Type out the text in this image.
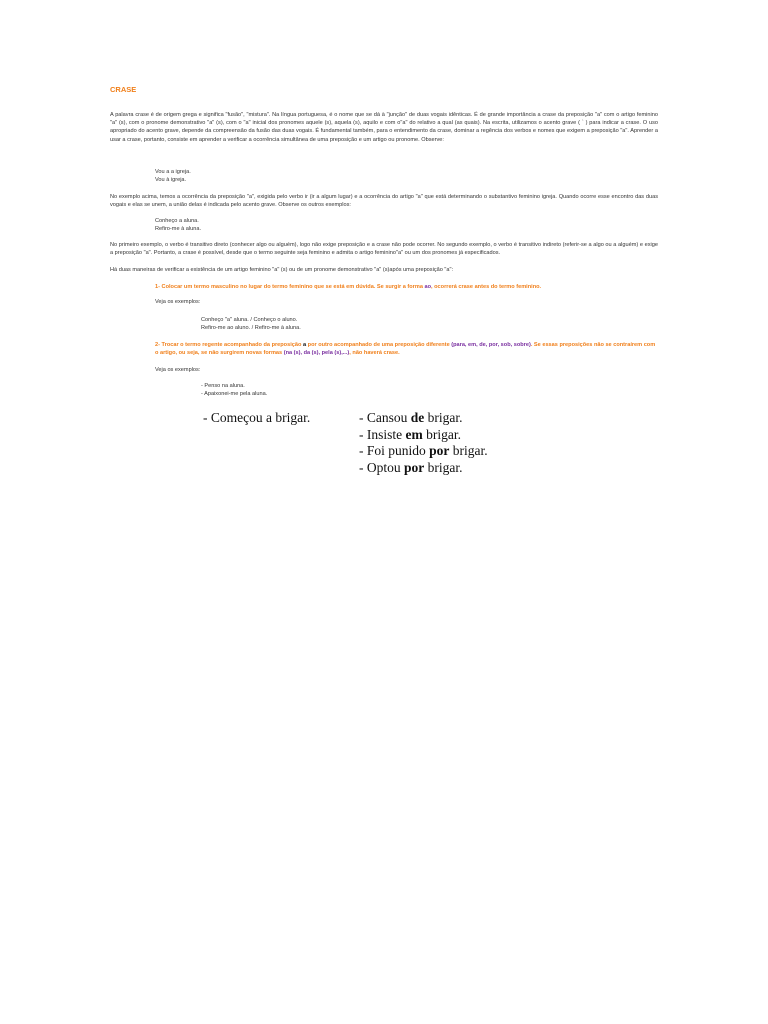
CRASE
A palavra crase é de origem grega e significa "fusão", "mistura". Na língua portuguesa, é o nome que se dá à "junção" de duas vogais idênticas. É de grande importância a crase da preposição "a" com o artigo feminino "a" (s), com o pronome demonstrativo "a" (s), com o "a" inicial dos pronomes aquele (s), aquela (s), aquilo e com o"a" do relativo a qual (as quais). Na escrita, utilizamos o acento grave ( ` ) para indicar a crase. O uso apropriado do acento grave, depende da compreensão da fusão das duas vogais. É fundamental também, para o entendimento da crase, dominar a regência dos verbos e nomes que exigem a preposição "a". Aprender a usar a crase, portanto, consiste em aprender a verificar a ocorrência simultânea de uma preposição e um artigo ou pronome. Observe:
Vou a a igreja.
Vou à igreja.
No exemplo acima, temos a ocorrência da preposição "a", exigida pelo verbo ir (ir a algum lugar) e a ocorrência do artigo "a" que está determinando o substantivo feminino igreja. Quando ocorre esse encontro das duas vogais e elas se unem, a união delas é indicada pelo acento grave. Observe os outros exemplos:
Conheço a aluna.
Refiro-me à aluna.
No primeiro exemplo, o verbo é transitivo direto (conhecer algo ou alguém), logo não exige preposição e a crase não pode ocorrer. No segundo exemplo, o verbo é transitivo indireto (referir-se a algo ou a alguém) e exige a preposição "a". Portanto, a crase é possível, desde que o termo seguinte seja feminino e admita o artigo feminino"a" ou um dos pronomes já especificados.
Há duas maneiras de verificar a existência de um artigo feminino "a" (s) ou de um pronome demonstrativo "a" (s)após uma preposição "a":
1- Colocar um termo masculino no lugar do termo feminino que se está em dúvida. Se surgir a forma ao, ocorrerá crase antes do termo feminino.
Veja os exemplos:
Conheço "a" aluna. / Conheço o aluno.
Refiro-me ao aluno. / Refiro-me à aluna.
2- Trocar o termo regente acompanhado da preposição a por outro acompanhado de uma preposição diferente (para, em, de, por, sob, sobre). Se essas preposições não se contraírem com o artigo, ou seja, se não surgirem novas formas (na (s), da (s), pela (s),...), não haverá crase.
Veja os exemplos:
- Penso na aluna.
- Apaixonei-me pela aluna.
- Começou a brigar.	- Cansou de brigar.
- Insiste em brigar.
- Foi punido por brigar.
- Optou por brigar.
